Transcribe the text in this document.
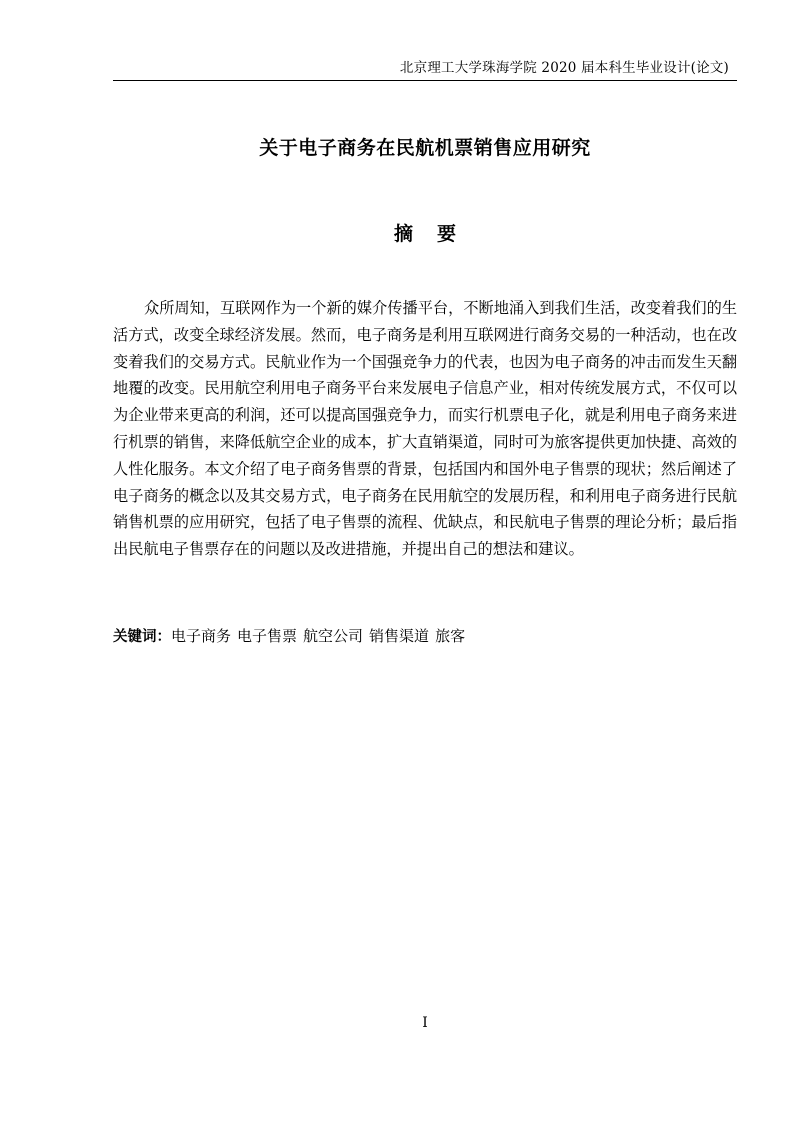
北京理工大学珠海学院 2020 届本科生毕业设计(论文)
关于电子商务在民航机票销售应用研究
摘要

众所周知，互联网作为一个新的媒介传播平台，不断地涌入到我们生活，改变着我们的生活方式，改变全球经济发展。然而，电子商务是利用互联网进行商务交易的一种活动，也在改变着我们的交易方式。民航业作为一个国强竞争力的代表，也因为电子商务的冲击而发生天翻地覆的改变。民用航空利用电子商务平台来发展电子信息产业，相对传统发展方式，不仅可以为企业带来更高的利润，还可以提高国强竞争力，而实行机票电子化，就是利用电子商务来进行机票的销售，来降低航空企业的成本，扩大直销渠道，同时可为旅客提供更加快捷、高效的人性化服务。本文介绍了电子商务售票的背景，包括国内和国外电子售票的现状；然后阐述了电子商务的概念以及其交易方式，电子商务在民用航空的发展历程，和利用电子商务进行民航销售机票的应用研究，包括了电子售票的流程、优缺点，和民航电子售票的理论分析；最后指出民航电子售票存在的问题以及改进措施，并提出自己的想法和建议。

关键词：电子商务 电子售票 航空公司 销售渠道 旅客
I
